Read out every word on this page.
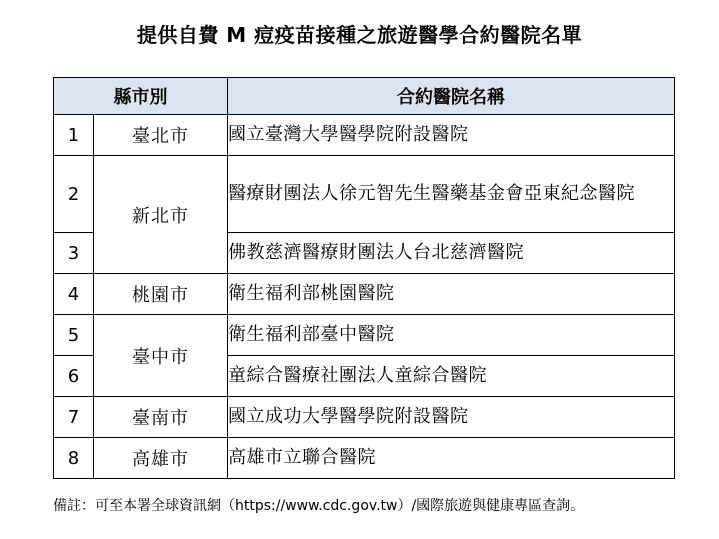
提供自費 M 痘疫苗接種之旅遊醫學合約醫院名單
縣市別		合約醫院名稱
1	臺北市	國立臺灣大學醫學院附設醫院
2	新北市	醫療財團法人徐元智先生醫藥基金會亞東紀念醫院
3		佛教慈濟醫療財團法人台北慈濟醫院
4	桃園市	衛生福利部桃園醫院
5	臺中市	衛生福利部臺中醫院
6		童綜合醫療社團法人童綜合醫院
7	臺南市	國立成功大學醫學院附設醫院
8	高雄市	高雄市立聯合醫院
備註：可至本署全球資訊網（https://www.cdc.gov.tw）/國際旅遊與健康專區查詢。
